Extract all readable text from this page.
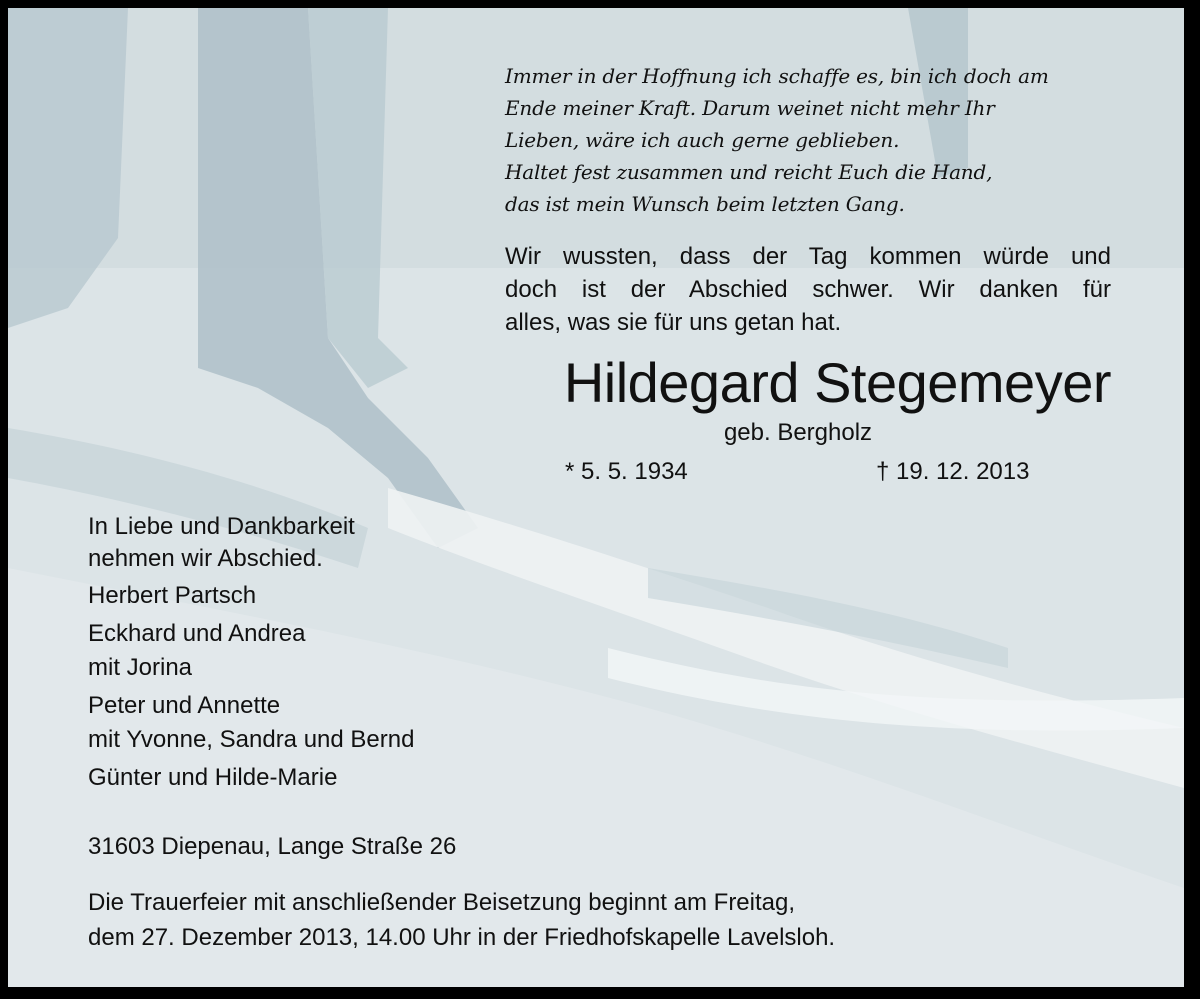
Immer in der Hoffnung ich schaffe es, bin ich doch am
Ende meiner Kraft. Darum weinet nicht mehr Ihr
Lieben, wäre ich auch gerne geblieben.
Haltet fest zusammen und reicht Euch die Hand,
das ist mein Wunsch beim letzten Gang.
Wir wussten, dass der Tag kommen würde und
doch ist der Abschied schwer. Wir danken für
alles, was sie für uns getan hat.
Hildegard Stegemeyer
geb. Bergholz
* 5. 5. 1934	† 19. 12. 2013
In Liebe und Dankbarkeit
nehmen wir Abschied.
Herbert Partsch
Eckhard und Andrea
mit Jorina
Peter und Annette
mit Yvonne, Sandra und Bernd
Günter und Hilde-Marie
31603 Diepenau, Lange Straße 26
Die Trauerfeier mit anschließender Beisetzung beginnt am Freitag,
dem 27. Dezember 2013, 14.00 Uhr in der Friedhofskapelle Lavelsloh.
